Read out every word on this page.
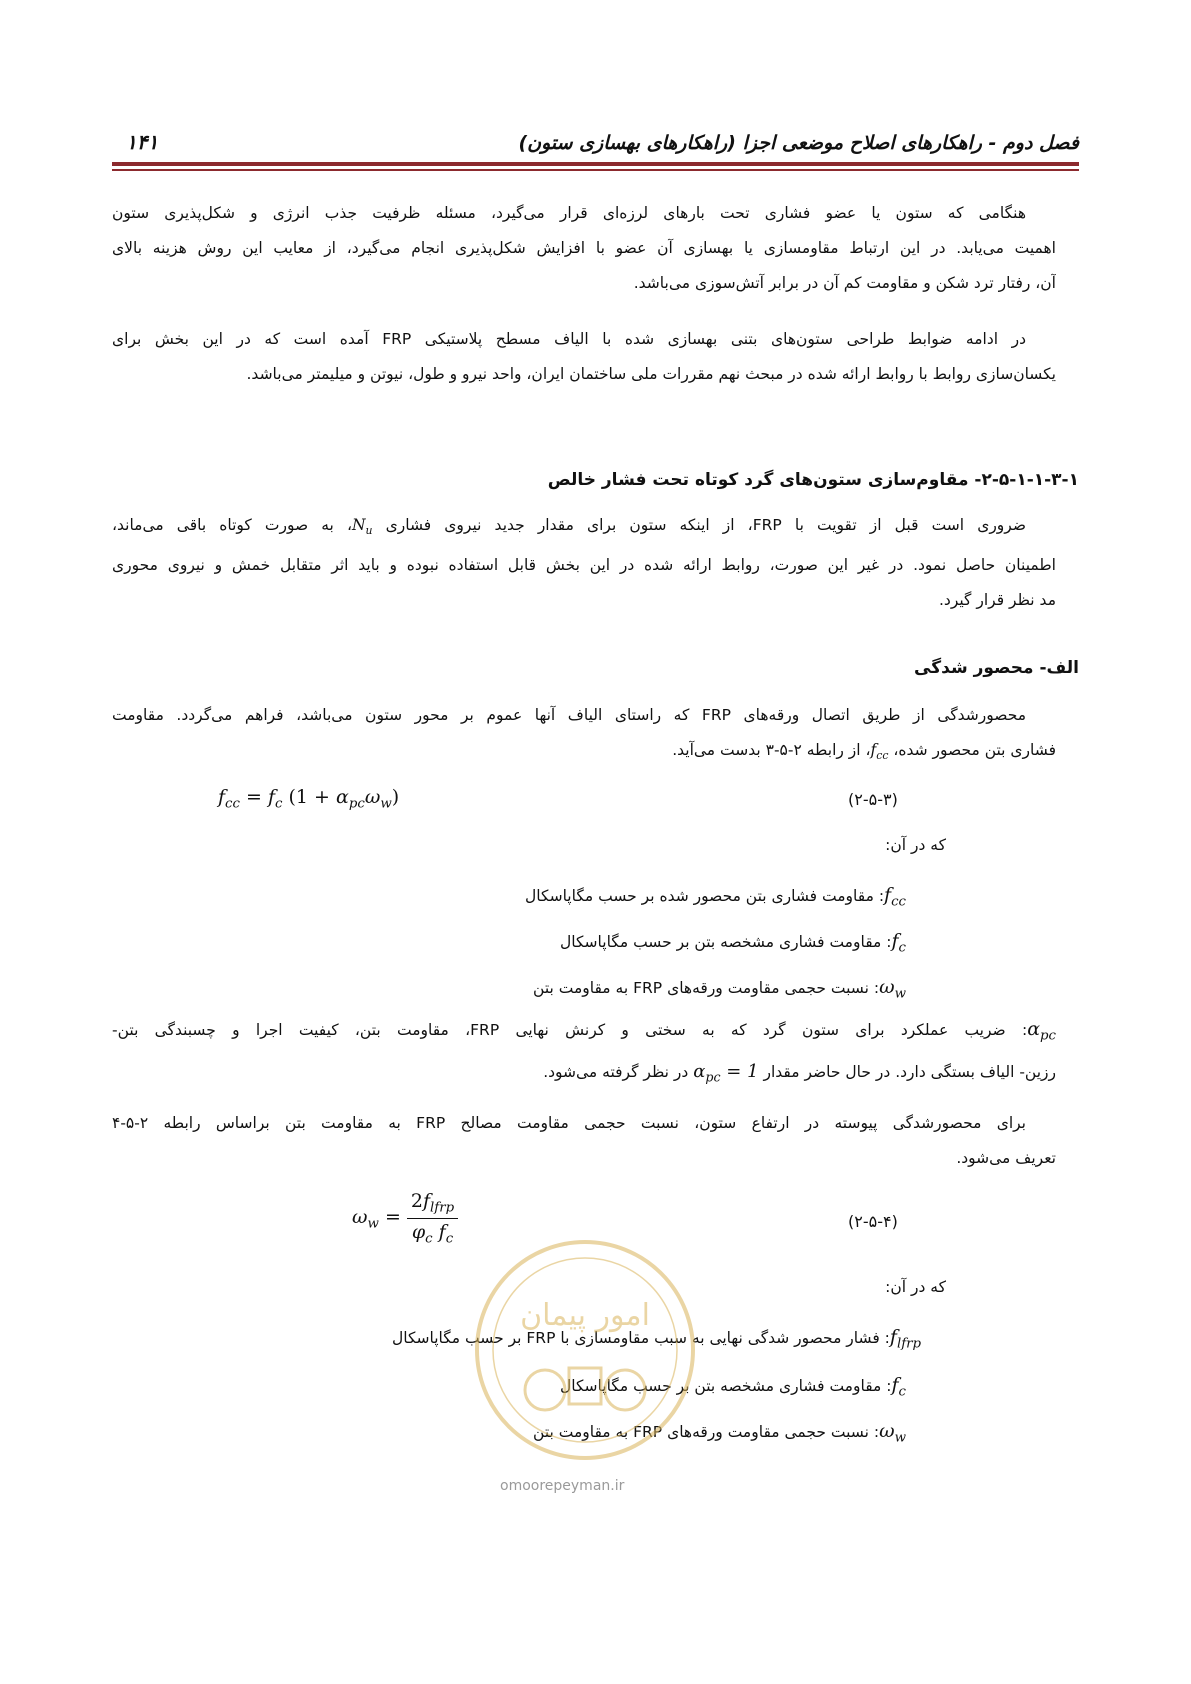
فصل دوم - راهکارهای اصلاح موضعی اجزا (راهکارهای بهسازی ستون)
۱۴۱
هنگامی که ستون یا عضو فشاری تحت بارهای لرزه‌ای قرار می‌گیرد، مسئله ظرفیت جذب انرژی و شکل‌پذیری ستون
اهمیت می‌یابد. در این ارتباط مقاومسازی یا بهسازی آن عضو با افزایش شکل‌پذیری انجام می‌گیرد، از معایب این روش هزینه بالای
آن، رفتار ترد شکن و مقاومت کم آن در برابر آتش‌سوزی می‌باشد.
در ادامه ضوابط طراحی ستون‌های بتنی بهسازی شده با الیاف مسطح پلاستیکی FRP آمده است که در این بخش برای
یکسان‌سازی روابط با روابط ارائه شده در مبحث نهم مقررات ملی ساختمان ایران، واحد نیرو و طول، نیوتن و میلیمتر می‌باشد.
۲-۵-۱-۱-۳-۱- مقاوم‌سازی ستون‌های گرد کوتاه تحت فشار خالص
ضروری است قبل از تقویت با FRP، از اینکه ستون برای مقدار جدید نیروی فشاری $N_u،$ به صورت کوتاه باقی می‌ماند،
اطمینان حاصل نمود. در غیر این صورت، روابط ارائه شده در این بخش قابل استفاده نبوده و باید اثر متقابل خمش و نیروی محوری
مد نظر قرار گیرد.
الف- محصور شدگی
محصورشدگی از طریق اتصال ورقه‌های FRP که راستای الیاف آنها عموم بر محور ستون می‌باشد، فراهم می‌گردد. مقاومت
فشاری بتن محصور شده، $f_{cc}،$ از رابطه ۲-۵-۳ بدست می‌آید.
$f_{cc} = f_c$ $(1 + \alpha_{pc}\omega_w)$	(۲-۵-۳)
که در آن:
$f_{cc}$: مقاومت فشاری بتن محصور شده بر حسب مگاپاسکال
$f_c$: مقاومت فشاری مشخصه بتن بر حسب مگاپاسکال
$\omega_w$: نسبت حجمی مقاومت ورقه‌های FRP به مقاومت بتن
$\alpha_{pc}$: ضریب عملکرد برای ستون گرد که به سختی و کرنش نهایی FRP، مقاومت بتن، کیفیت اجرا و چسبندگی بتن-
رزین- الیاف بستگی دارد. در حال حاضر مقدار $\alpha_{pc} = 1$ در نظر گرفته می‌شود.
برای محصورشدگی پیوسته در ارتفاع ستون، نسبت حجمی مقاومت مصالح FRP به مقاومت بتن براساس رابطه ۲-۵-۴
تعریف می‌شود.
$\omega_w = \frac{2f_{lfrp}}{\varphi_c f_c}$	(۲-۵-۴)
که در آن:
$f_{lfrp}$: فشار محصور شدگی نهایی به سبب مقاومسازی با FRP بر حسب مگاپاسکال
$f_c$: مقاومت فشاری مشخصه بتن بر حسب مگاپاسکال
$\omega_w$: نسبت حجمی مقاومت ورقه‌های FRP به مقاومت بتن
امور پیمان
omoorepeyman.ir
